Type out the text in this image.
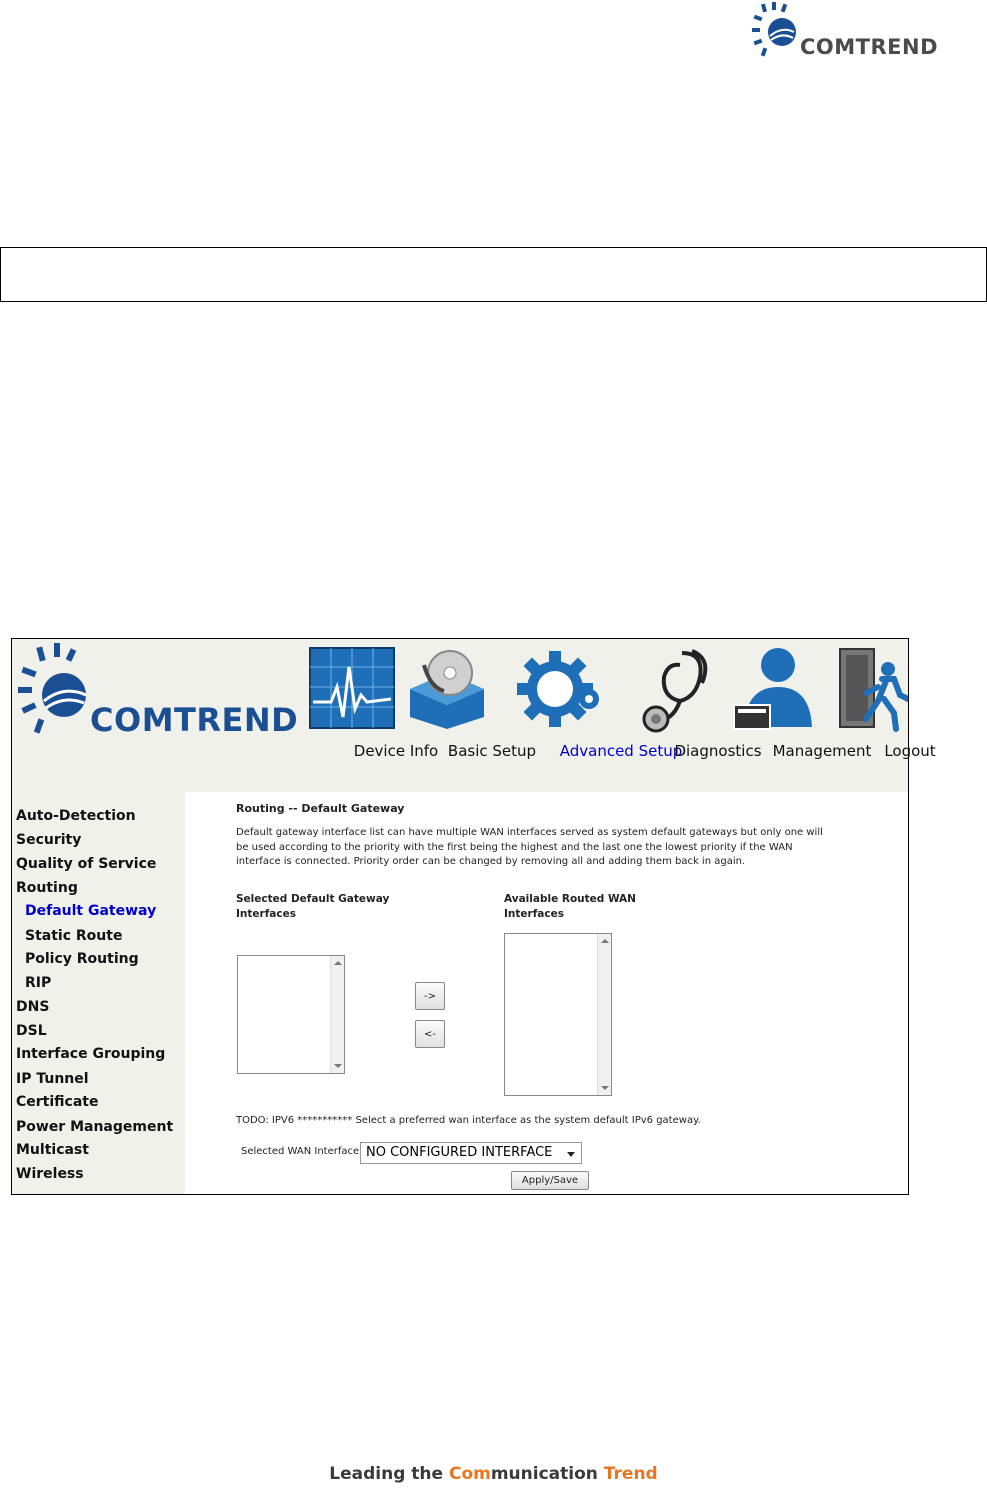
COMTREND
COMTREND
Device Info Basic Setup Advanced Setup
Diagnostics Management Logout
Auto-Detection
Security
Quality of Service
Routing
Default Gateway
Static Route
Policy Routing
RIP
DNS
DSL
Interface Grouping
IP Tunnel
Certificate
Power Management
Multicast
Wireless
Routing -- Default Gateway
Default gateway interface list can have multiple WAN interfaces served as system default gateways but only one will be used according to the priority with the first being the highest and the last one the lowest priority if the WAN interface is connected. Priority order can be changed by removing all and adding them back in again.
Selected Default Gateway Interfaces
Available Routed WAN Interfaces
->
<-
TODO: IPV6 *********** Select a preferred wan interface as the system default IPv6 gateway.
Selected WAN Interface NO CONFIGURED INTERFACE
Apply/Save
Leading the Communication Trend
